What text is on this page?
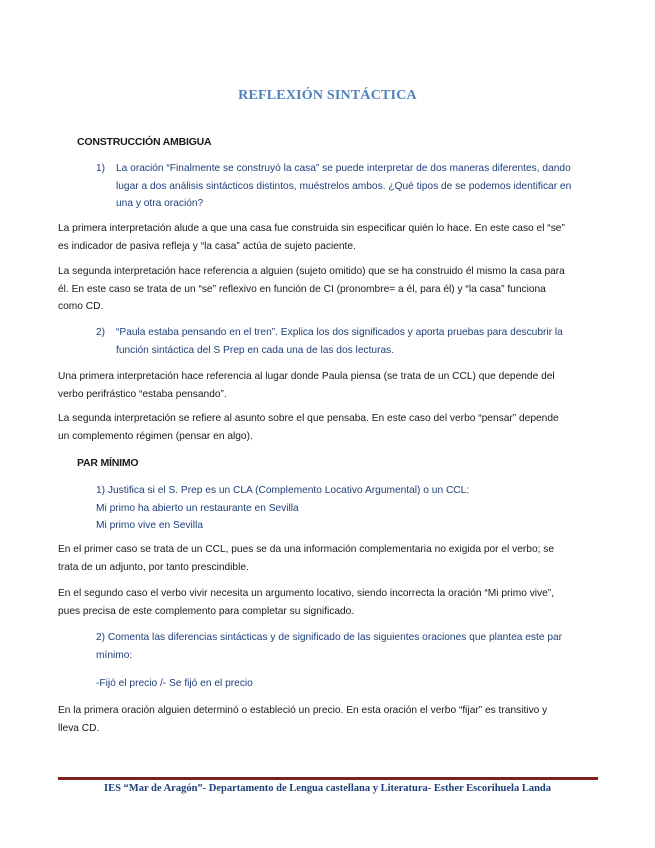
REFLEXIÓN SINTÁCTICA
CONSTRUCCIÓN AMBIGUA
1) La oración “Finalmente se construyó la casa” se puede interpretar de dos maneras diferentes, dando
lugar a dos análisis sintácticos distintos, muéstrelos ambos. ¿Qué tipos de se podemos identificar en
una y otra oración?
La primera interpretación alude a que una casa fue construida sin especificar quién lo hace. En este caso el “se”
es indicador de pasiva refleja y “la casa” actúa de sujeto paciente.
La segunda interpretación hace referencia a alguien (sujeto omitido) que se ha construido él mismo la casa para
él. En este caso se trata de un “se” reflexivo en función de CI (pronombre= a él, para él) y “la casa” funciona
como CD.
2) “Paula estaba pensando en el tren”. Explica los dos significados y aporta pruebas para descubrir la
función sintáctica del S Prep en cada una de las dos lecturas.
Una primera interpretación hace referencia al lugar donde Paula piensa (se trata de un CCL) que depende del
verbo perifrástico “estaba pensando”.
La segunda interpretación se refiere al asunto sobre el que pensaba. En este caso del verbo “pensar” depende
un complemento régimen (pensar en algo).
PAR MÍNIMO
1) Justifica si el S. Prep es un CLA (Complemento Locativo Argumental) o un CCL:
Mi primo ha abierto un restaurante en Sevilla
Mi primo vive en Sevilla
En el primer caso se trata de un CCL, pues se da una información complementaria no exigida por el verbo; se
trata de un adjunto, por tanto prescindible.
En el segundo caso el verbo vivir necesita un argumento locativo, siendo incorrecta la oración “Mi primo vive”,
pues precisa de este complemento para completar su significado.
2) Comenta las diferencias sintácticas y de significado de las siguientes oraciones que plantea este par
mínimo:
-Fijó el precio /- Se fijó en el precio
En la primera oración alguien determinó o estableció un precio. En esta oración el verbo “fijar” es transitivo y
lleva CD.
IES “Mar de Aragón”- Departamento de Lengua castellana y Literatura- Esther Escorihuela Landa
